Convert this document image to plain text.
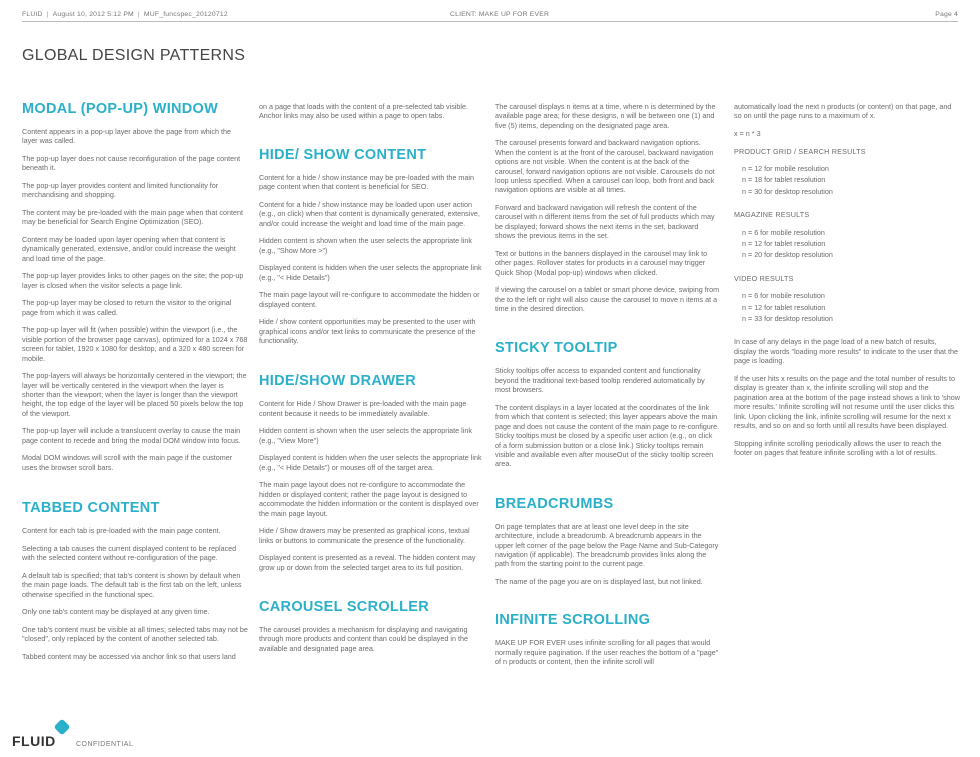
FLUID | August 10, 2012 5:12 PM | MUF_funcspec_20120712	CLIENT: MAKE UP FOR EVER	Page 4
GLOBAL DESIGN PATTERNS
MODAL (POP-UP) WINDOW

Content appears in a pop-up layer above the page from which the layer was called.

The pop-up layer does not cause reconfiguration of the page content beneath it.

The pop-up layer provides content and limited functionality for merchandising and shopping.

The content may be pre-loaded with the main page when that content may be beneficial for Search Engine Optimization (SEO).

Content may be loaded upon layer opening when that content is dynamically generated, extensive, and/or could increase the weight and load time of the page.

The pop-up layer provides links to other pages on the site; the pop-up layer is closed when the visitor selects a page link.

The pop-up layer may be closed to return the visitor to the original page from which it was called.

The pop-up layer will fit (when possible) within the viewport (i.e., the visible portion of the browser page canvas), optimized for a 1024 x 768 screen for tablet, 1920 x 1080 for desktop, and a 320 x 480 screen for mobile.

The pop-layers will always be horizontally centered in the viewport; the layer will be vertically centered in the viewport when the layer is shorter than the viewport; when the layer is longer than the viewport height, the top edge of the layer will be placed 50 pixels below the top of the viewport.

The pop-up layer will include a translucent overlay to cause the main page content to recede and bring the modal DOM window into focus.

Modal DOM windows will scroll with the main page if the customer uses the browser scroll bars.

TABBED CONTENT

Content for each tab is pre-loaded with the main page content.

Selecting a tab causes the current displayed content to be replaced with the selected content without re-configuration of the page.

A default tab is specified; that tab's content is shown by default when the main page loads. The default tab is the first tab on the left, unless otherwise specified in the functional spec.

Only one tab's content may be displayed at any given time.

One tab's content must be visible at all times; selected tabs may not be "closed", only replaced by the content of another selected tab.

Tabbed content may be accessed via anchor link so that users land

on a page that loads with the content of a pre-selected tab visible. Anchor links may also be used within a page to open tabs.

HIDE/ SHOW CONTENT

Content for a hide / show instance may be pre-loaded with the main page content when that content is beneficial for SEO.

Content for a hide / show instance may be loaded upon user action (e.g., on click) when that content is dynamically generated, extensive, and/or could increase the weight and load time of the main page.

Hidden content is shown when the user selects the appropriate link (e.g., "Show More >")

Displayed content is hidden when the user selects the appropriate link (e.g., "< Hide Details")

The main page layout will re-configure to accommodate the hidden or displayed content.

Hide / show content opportunities may be presented to the user with graphical icons and/or text links to communicate the presence of the functionality.

HIDE/SHOW DRAWER

Content for Hide / Show Drawer is pre-loaded with the main page content because it needs to be immediately available.

Hidden content is shown when the user selects the appropriate link (e.g., "View More")

Displayed content is hidden when the user selects the appropriate link (e.g., "< Hide Details") or mouses off of the target area.

The main page layout does not re-configure to accommodate the hidden or displayed content; rather the page layout is designed to accommodate the hidden information or the content is displayed over the main page layout.

Hide / Show drawers may be presented as graphical icons, textual links or buttons to communicate the presence of the functionality.

Displayed content is presented as a reveal. The hidden content may grow up or down from the selected target area to its full position.

CAROUSEL SCROLLER

The carousel provides a mechanism for displaying and navigating through more products and content than could be displayed in the available and designated page area.

The carousel displays n items at a time, where n is determined by the available page area; for these designs, n will be between one (1) and five (5) items, depending on the designated page area.

The carousel presents forward and backward navigation options. When the content is at the front of the carousel, backward navigation options are not visible. When the content is at the back of the carousel, forward navigation options are not visible. Carousels do not loop unless specified. When a carousel can loop, both front and back navigation options are visible at all times.

Forward and backward navigation will refresh the content of the carousel with n different items from the set of full products which may be displayed; forward shows the next items in the set, backward shows the previous items in the set.

Text or buttons in the banners displayed in the carousel may link to other pages. Rollover states for products in a carousel may trigger Quick Shop (Modal pop-up) windows when clicked.

If viewing the carousel on a tablet or smart phone device, swiping from the to the left or right will also cause the carousel to move n items at a time in the desired direction.

STICKY TOOLTIP

Sticky tooltips offer access to expanded content and functionality beyond the traditional text-based tooltip rendered automatically by most browsers.

The content displays in a layer located at the coordinates of the link from which that content is selected; this layer appears above the main page and does not cause the content of the main page to re-configure. Sticky tooltips must be closed by a specific user action (e.g., on click of a form submission button or a close link.) Sticky tooltips remain visible and available even after mouseOut of the sticky tooltip screen area.

BREADCRUMBS

On page templates that are at least one level deep in the site architecture, include a breadcrumb. A breadcrumb appears in the upper left corner of the page below the Page Name and Sub-Category navigation (if applicable). The breadcrumb provides links along the path from the starting point to the current page.

The name of the page you are on is displayed last, but not linked.

INFINITE SCROLLING

MAKE UP FOR EVER uses infinite scrolling for all pages that would normally require pagination. If the user reaches the bottom of a "page" of n products or content, then the infinite scroll will

automatically load the next n products (or content) on that page, and so on until the page runs to a maximum of x.

x = n * 3

PRODUCT GRID / SEARCH RESULTS
n = 12 for mobile resolution
n = 18 for tablet resolution
n = 30 for desktop resolution
MAGAZINE RESULTS
n = 6 for mobile resolution
n = 12 for tablet resolution
n = 20 for desktop resolution
VIDEO RESULTS
n = 6 for mobile resolution
n = 12 for tablet resolution
n = 33 for desktop resolution

In case of any delays in the page load of a new batch of results, display the words "loading more results" to indicate to the user that the page is loading.

If the user hits x results on the page and the total number of results to display is greater than x, the infinite scrolling will stop and the pagination area at the bottom of the page instead shows a link to 'show more results.' Infinite scrolling will not resume until the user clicks this link. Upon clicking the link, infinite scrolling will resume for the next x results, and so on and so forth until all results have been displayed.

Stopping infinite scrolling periodically allows the user to reach the footer on pages that feature infinite scrolling with a lot of results.

FLUID	CONFIDENTIAL
